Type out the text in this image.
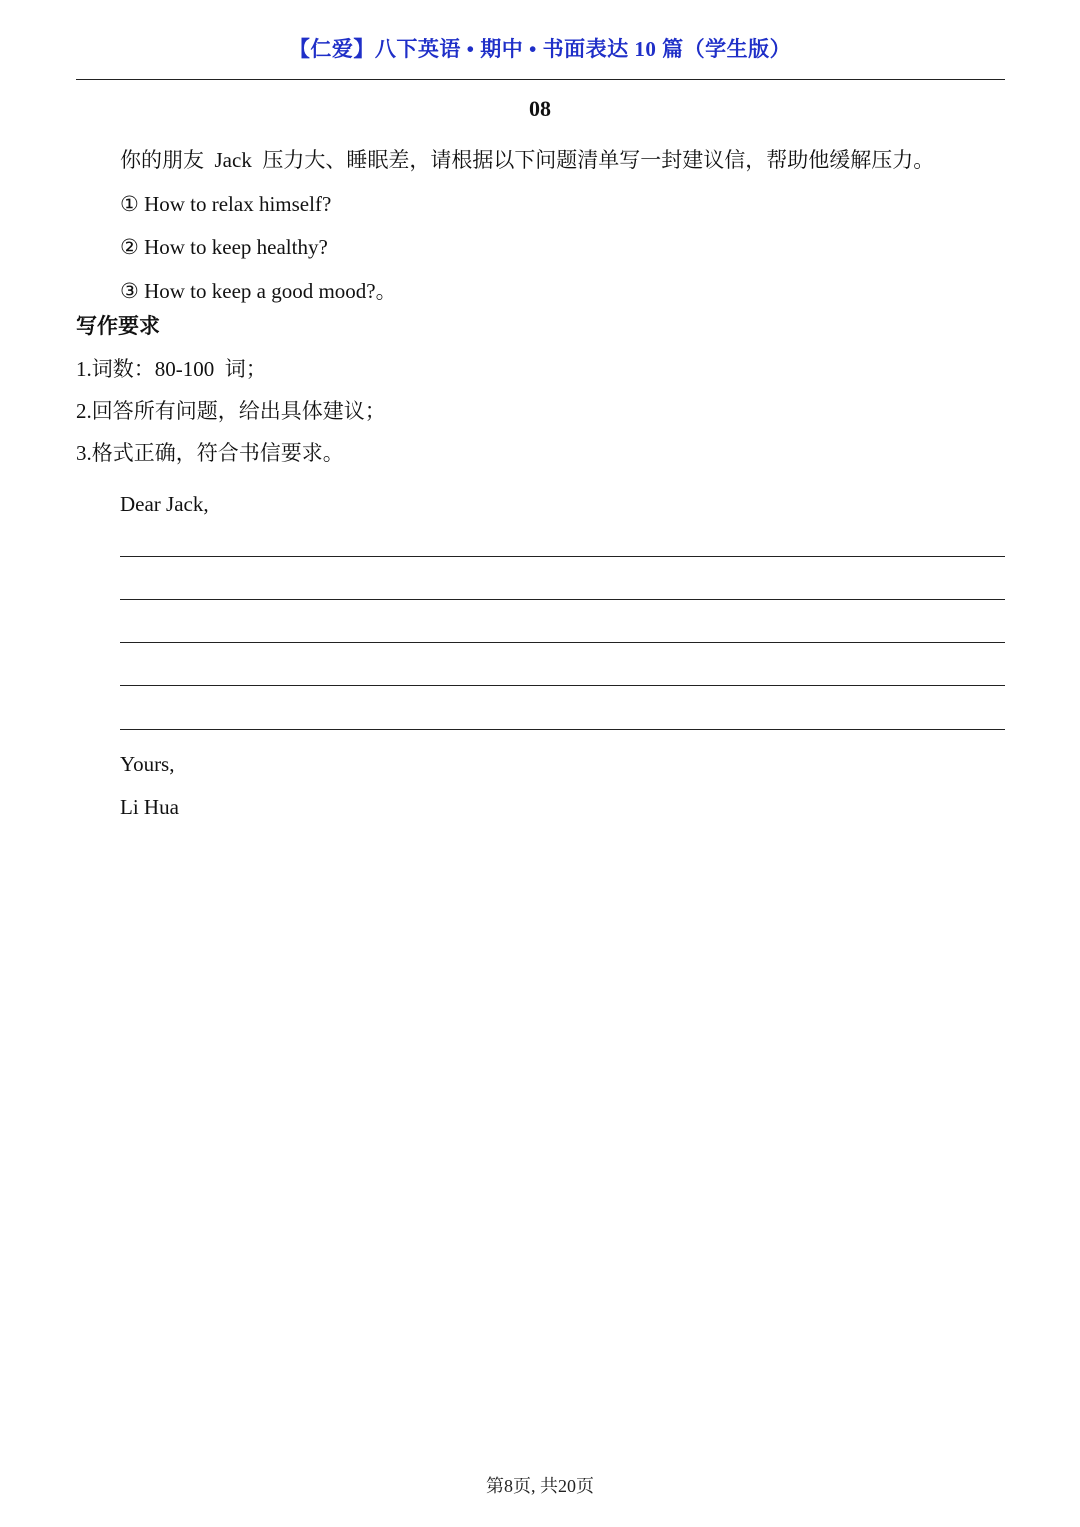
【仁爱】八下英语 • 期中 • 书面表达 10 篇（学生版）
08
你的朋友  Jack  压力大、睡眠差，请根据以下问题清单写一封建议信，帮助他缓解压力。
① How to relax himself?
② How to keep healthy?
③ How to keep a good mood?。
写作要求
1.词数：80-100  词；
2.回答所有问题，给出具体建议；
3.格式正确，符合书信要求。
Dear Jack,
Yours,
Li Hua
第8页, 共20页
